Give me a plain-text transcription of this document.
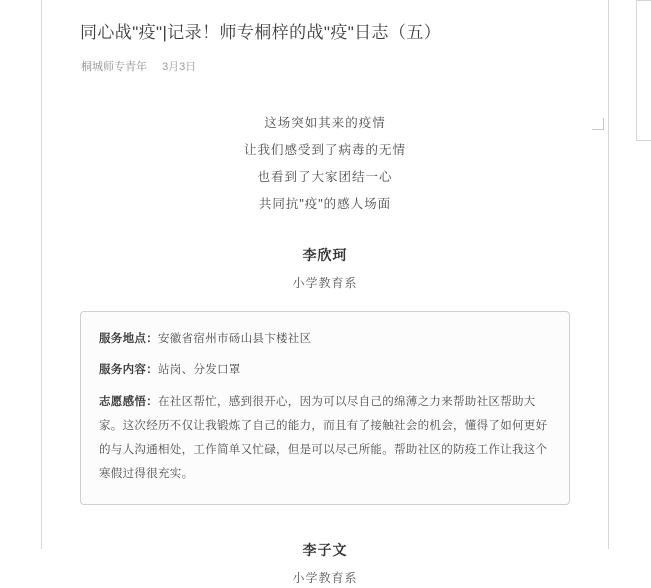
同心战"疫"|记录！师专桐梓的战"疫"日志（五）
桐城师专青年 3月3日
这场突如其来的疫情
让我们感受到了病毒的无情
也看到了大家团结一心
共同抗"疫"的感人场面
李欣珂
小学教育系
服务地点：安徽省宿州市砀山县卞楼社区
服务内容：站岗、分发口罩
志愿感悟：在社区帮忙，感到很开心，因为可以尽自己的绵薄之力来帮助社区帮助大家。这次经历不仅让我锻炼了自己的能力，而且有了接触社会的机会，懂得了如何更好的与人沟通相处，工作简单又忙碌，但是可以尽己所能。帮助社区的防疫工作让我这个寒假过得很充实。
李子文
小学教育系
